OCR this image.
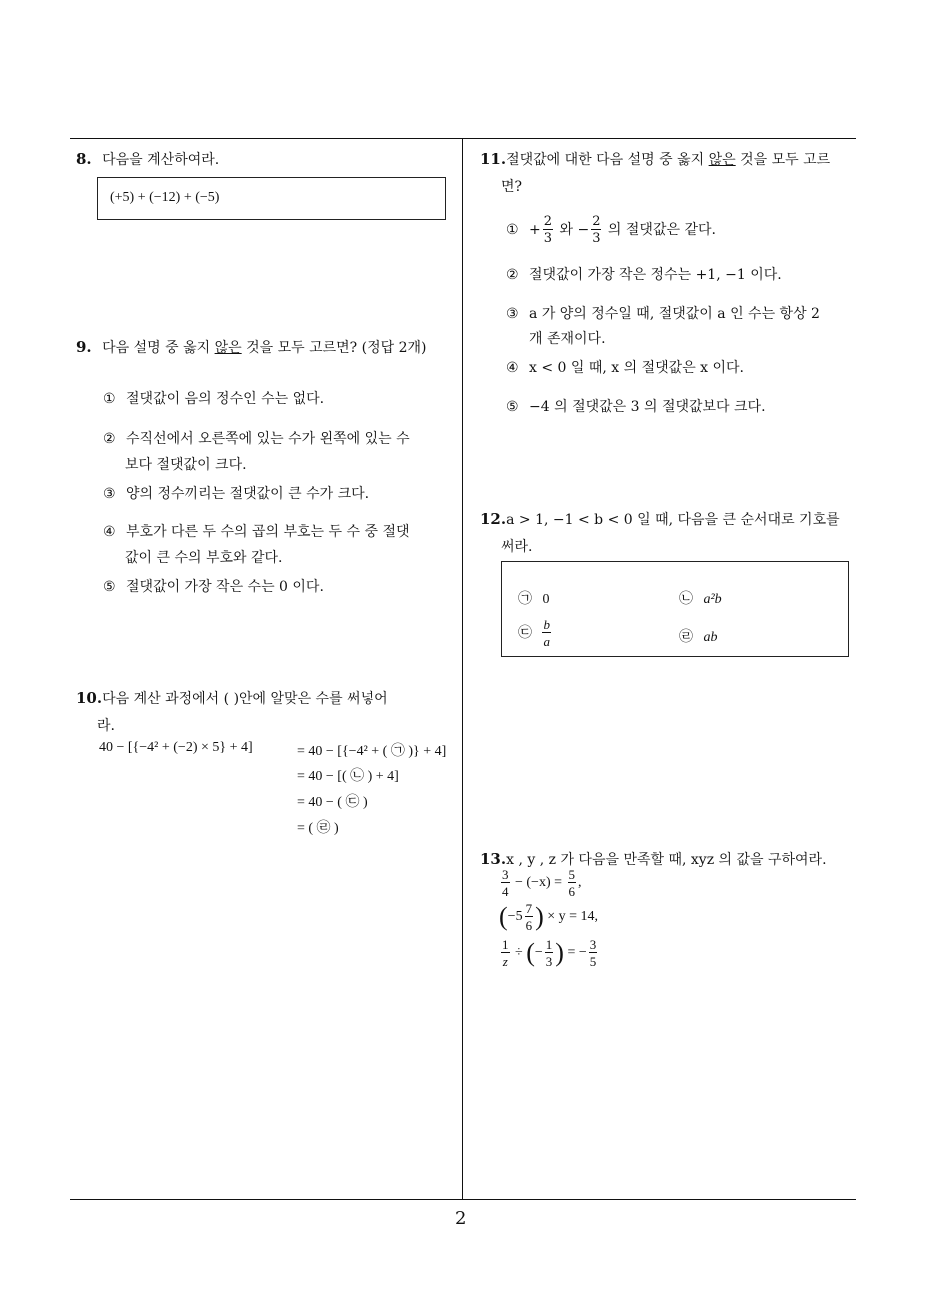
8. 다음을 계산하여라.
(+5) + (−12) + (−5)
9. 다음 설명 중 옳지 않은 것을 모두 고르면? (정답 2개)
① 절댓값이 음의 정수인 수는 없다.
② 수직선에서 오른쪽에 있는 수가 왼쪽에 있는 수
보다 절댓값이 크다.
③ 양의 정수끼리는 절댓값이 큰 수가 크다.
④ 부호가 다른 두 수의 곱의 부호는 두 수 중 절댓
값이 큰 수의 부호와 같다.
⑤ 절댓값이 가장 작은 수는 0 이다.
10.다음 계산 과정에서 ( )안에 알맞은 수를 써넣어
라.
40 − [{−4² + (−2) × 5} + 4]	= 40 − [{−4² + ( ㉠ )} + 4]
= 40 − [( ㉡ ) + 4]
= 40 − ( ㉢ )
= ( ㉣ )
11.절댓값에 대한 다음 설명 중 옳지 않은 것을 모두 고르
면?
① + $\frac{2}{3}$ 와 − $\frac{2}{3}$ 의 절댓값은 같다.
② 절댓값이 가장 작은 정수는 +1, −1 이다.
③ a 가 양의 정수일 때, 절댓값이 a 인 수는 항상 2
개 존재이다.
④ x < 0 일 때, x 의 절댓값은 x 이다.
⑤ −4 의 절댓값은 3 의 절댓값보다 크다.
12.a > 1, −1 < b < 0 일 때, 다음을 큰 순서대로 기호를
써라.
㉠ 0	㉡ a²b
㉢ $\frac{b}{a}$	㉣ ab
13.x , y , z 가 다음을 만족할 때, xyz 의 값을 구하여라.
$\frac{3}{4} - (-x) = \frac{5}{6}$ ,
($-5 \frac{7}{6}$ ) × y = 14,
$\frac{1}{z}$ ÷ (− $\frac{1}{3}$ ) = − $\frac{3}{5}$
2
